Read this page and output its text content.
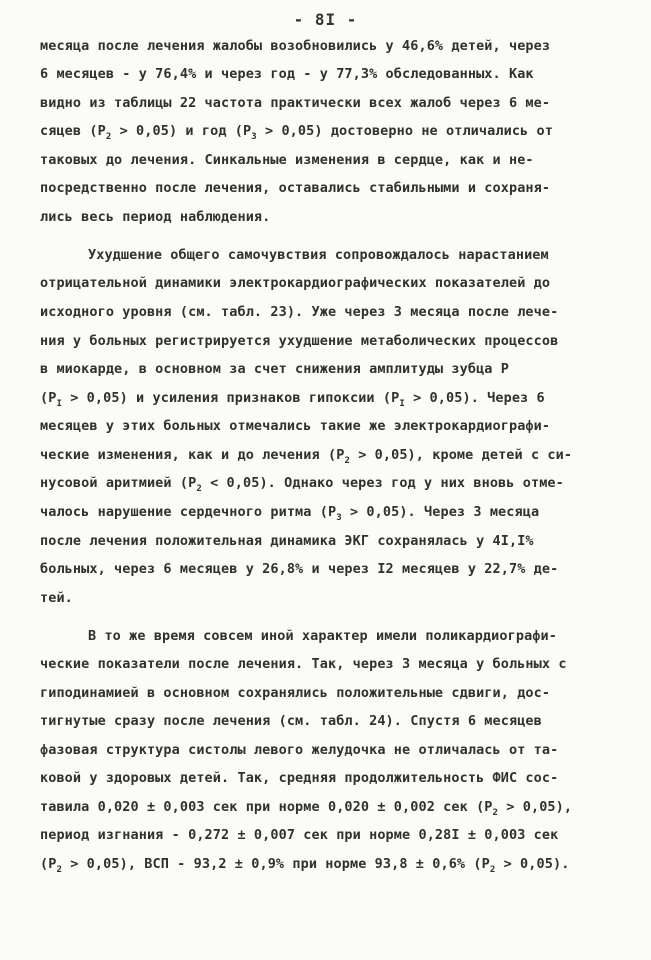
- 8I -
месяца после лечения жалобы возобновились у 46,6% детей, через
6 месяцев - у 76,4% и через год - у 77,3% обследованных. Как
видно из таблицы 22 частота практически всех жалоб через 6 ме-
сяцев $(P_2 > 0,05)$ и год $(P_3 > 0,05)$ достоверно не отличались от
таковых до лечения. Синкальные изменения в сердце, как и не-
посредственно после лечения, оставались стабильными и сохраня-
лись весь период наблюдения.
Ухудшение общего самочувствия сопровождалось нарастанием
отрицательной динамики электрокардиографических показателей до
исходного уровня (см. табл. 23). Уже через 3 месяца после лече-
ния у больных регистрируется ухудшение метаболических процессов
в миокарде, в основном за счет снижения амплитуды зубца P
$(P_I > 0,05)$ и усиления признаков гипоксии $(P_I > 0,05)$. Через 6
месяцев у этих больных отмечались такие же электрокардиографи-
ческие изменения, как и до лечения $(P_2 > 0,05)$, кроме детей с си-
нусовой аритмией $(P_2 < 0,05)$. Однако через год у них вновь отме-
чалось нарушение сердечного ритма $(P_3 > 0,05)$. Через 3 месяца
после лечения положительная динамика ЭКГ сохранялась у 4I,I%
больных, через 6 месяцев у 26,8% и через I2 месяцев у 22,7% де-
тей.
В то же время совсем иной характер имели поликардиографи-
ческие показатели после лечения. Так, через 3 месяца у больных с
гиподинамией в основном сохранялись положительные сдвиги, дос-
тигнутые сразу после лечения (см. табл. 24). Спустя 6 месяцев
фазовая структура систолы левого желудочка не отличалась от та-
ковой у здоровых детей. Так, средняя продолжительность ФИС сос-
тавила 0,020 ± 0,003 сек при норме 0,020 ± 0,002 сек $(P_2 > 0,05)$,
период изгнания - 0,272 ± 0,007 сек при норме 0,28I ± 0,003 сек
$(P_2 > 0,05)$, ВСП - 93,2 ± 0,9% при норме 93,8 ± 0,6% $(P_2 > 0,05)$.
